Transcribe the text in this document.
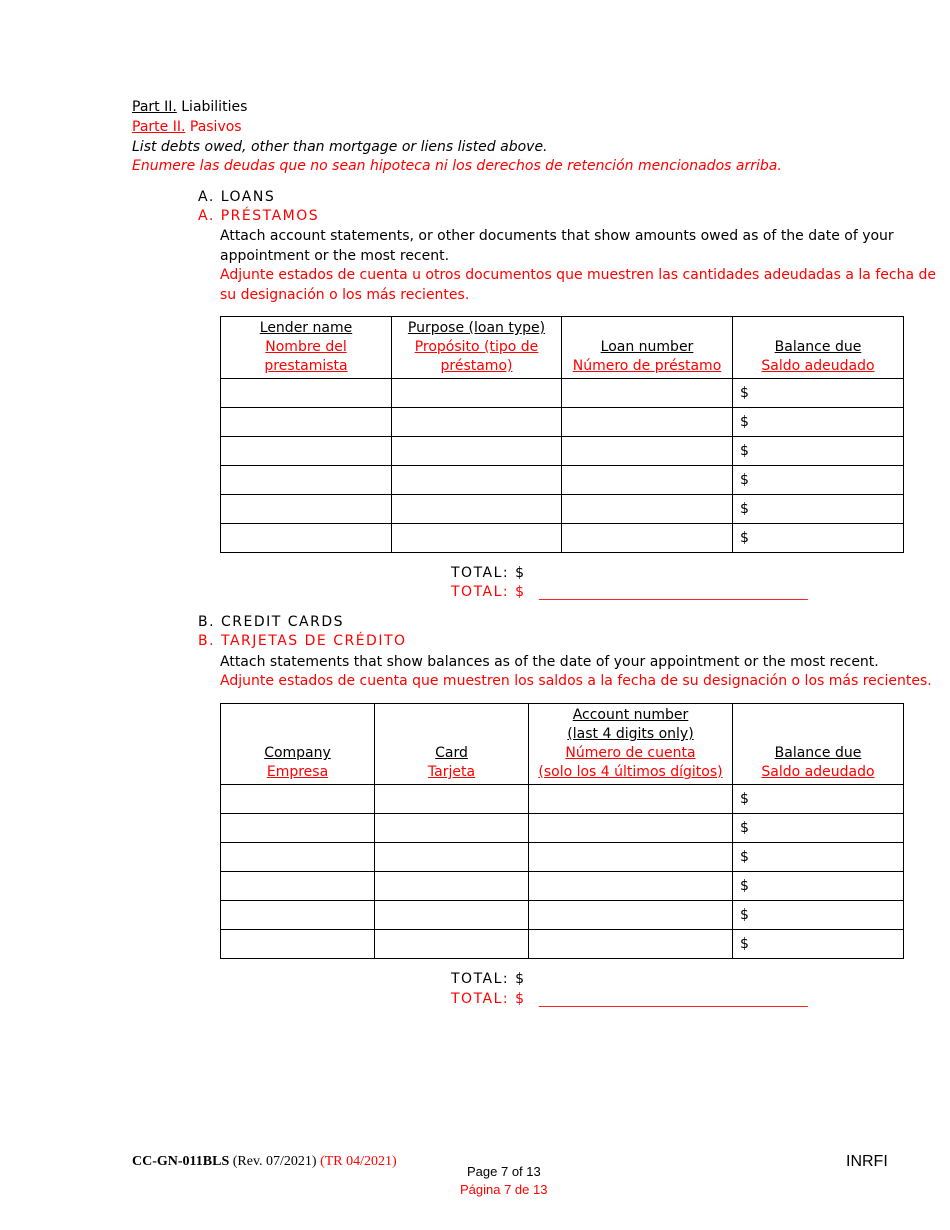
Part II. Liabilities
Parte II. Pasivos
List debts owed, other than mortgage or liens listed above.
Enumere las deudas que no sean hipoteca ni los derechos de retención mencionados arriba.
A. LOANS
A. PRÉSTAMOS
Attach account statements, or other documents that show amounts owed as of the date of your
appointment or the most recent.
Adjunte estados de cuenta u otros documentos que muestren las cantidades adeudadas a la fecha de
su designación o los más recientes.
Lender name
Nombre del
prestamista	Purpose (loan type)
Propósito (tipo de
préstamo)	Loan number
Número de préstamo	Balance due
Saldo adeudado

			$
			$
			$
			$
			$
			$
TOTAL: $
TOTAL: $ ___________________________________________
B. CREDIT CARDS
B. TARJETAS DE CRÉDITO
Attach statements that show balances as of the date of your appointment or the most recent.
Adjunte estados de cuenta que muestren los saldos a la fecha de su designación o los más recientes.
Company
Empresa	Card
Tarjeta	Account number
(last 4 digits only)
Número de cuenta
(solo los 4 últimos dígitos)	Balance due
Saldo adeudado

			$
			$
			$
			$
			$
			$
TOTAL: $
TOTAL: $ ___________________________________________
CC-GN-011BLS (Rev. 07/2021) (TR 04/2021)
Page 7 of 13
Página 7 de 13
INRFI
